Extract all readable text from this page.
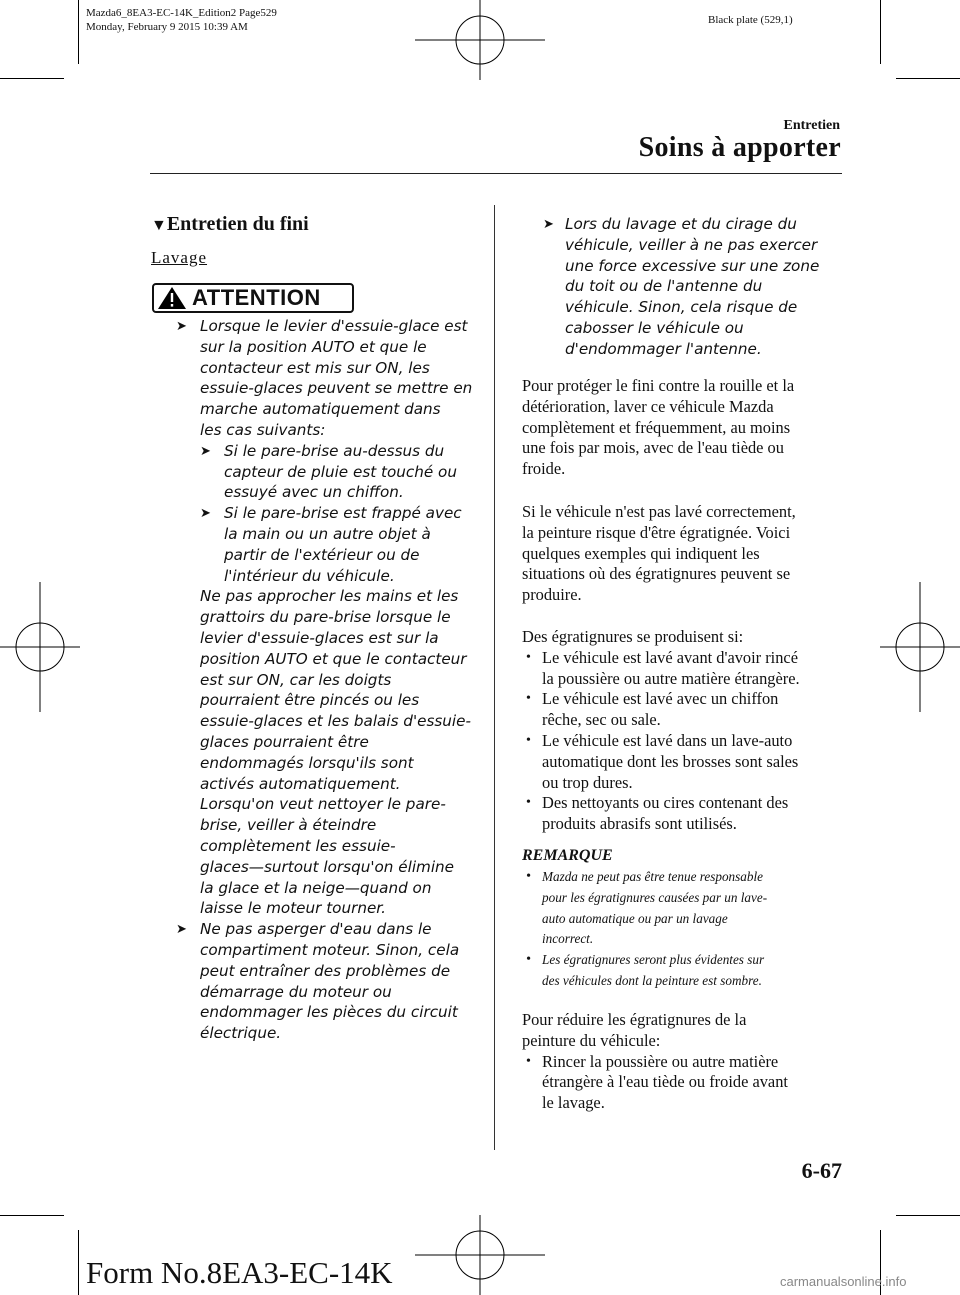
Mazda6_8EA3-EC-14K_Edition2 Page529
Monday, February 9 2015 10:39 AM
Black plate (529,1)
Entretien
Soins à apporter
▼Entretien du fini
Lavage
ATTENTION
➤ Lorsque le levier d'essuie-glace est
sur la position AUTO et que le
contacteur est mis sur ON, les
essuie-glaces peuvent se mettre en
marche automatiquement dans
les cas suivants:
➤ Si le pare-brise au-dessus du
capteur de pluie est touché ou
essuyé avec un chiffon.
➤ Si le pare-brise est frappé avec
la main ou un autre objet à
partir de l'extérieur ou de
l'intérieur du véhicule.
Ne pas approcher les mains et les
grattoirs du pare-brise lorsque le
levier d'essuie-glaces est sur la
position AUTO et que le contacteur
est sur ON, car les doigts
pourraient être pincés ou les
essuie-glaces et les balais d'essuie-
glaces pourraient être
endommagés lorsqu'ils sont
activés automatiquement.
Lorsqu'on veut nettoyer le pare-
brise, veiller à éteindre
complètement les essuie-
glaces—surtout lorsqu'on élimine
la glace et la neige—quand on
laisse le moteur tourner.
➤ Ne pas asperger d'eau dans le
compartiment moteur. Sinon, cela
peut entraîner des problèmes de
démarrage du moteur ou
endommager les pièces du circuit
électrique.
➤ Lors du lavage et du cirage du
véhicule, veiller à ne pas exercer
une force excessive sur une zone
du toit ou de l'antenne du
véhicule. Sinon, cela risque de
cabosser le véhicule ou
d'endommager l'antenne.
Pour protéger le fini contre la rouille et la
détérioration, laver ce véhicule Mazda
complètement et fréquemment, au moins
une fois par mois, avec de l'eau tiède ou
froide.
Si le véhicule n'est pas lavé correctement,
la peinture risque d'être égratignée. Voici
quelques exemples qui indiquent les
situations où des égratignures peuvent se
produire.
Des égratignures se produisent si:
• Le véhicule est lavé avant d'avoir rincé
la poussière ou autre matière étrangère.
• Le véhicule est lavé avec un chiffon
rêche, sec ou sale.
• Le véhicule est lavé dans un lave-auto
automatique dont les brosses sont sales
ou trop dures.
• Des nettoyants ou cires contenant des
produits abrasifs sont utilisés.
REMARQUE
• Mazda ne peut pas être tenue responsable
pour les égratignures causées par un lave-
auto automatique ou par un lavage
incorrect.
• Les égratignures seront plus évidentes sur
des véhicules dont la peinture est sombre.
Pour réduire les égratignures de la
peinture du véhicule:
• Rincer la poussière ou autre matière
étrangère à l'eau tiède ou froide avant
le lavage.
6-67
Form No.8EA3-EC-14K	carmanualsonline.info
